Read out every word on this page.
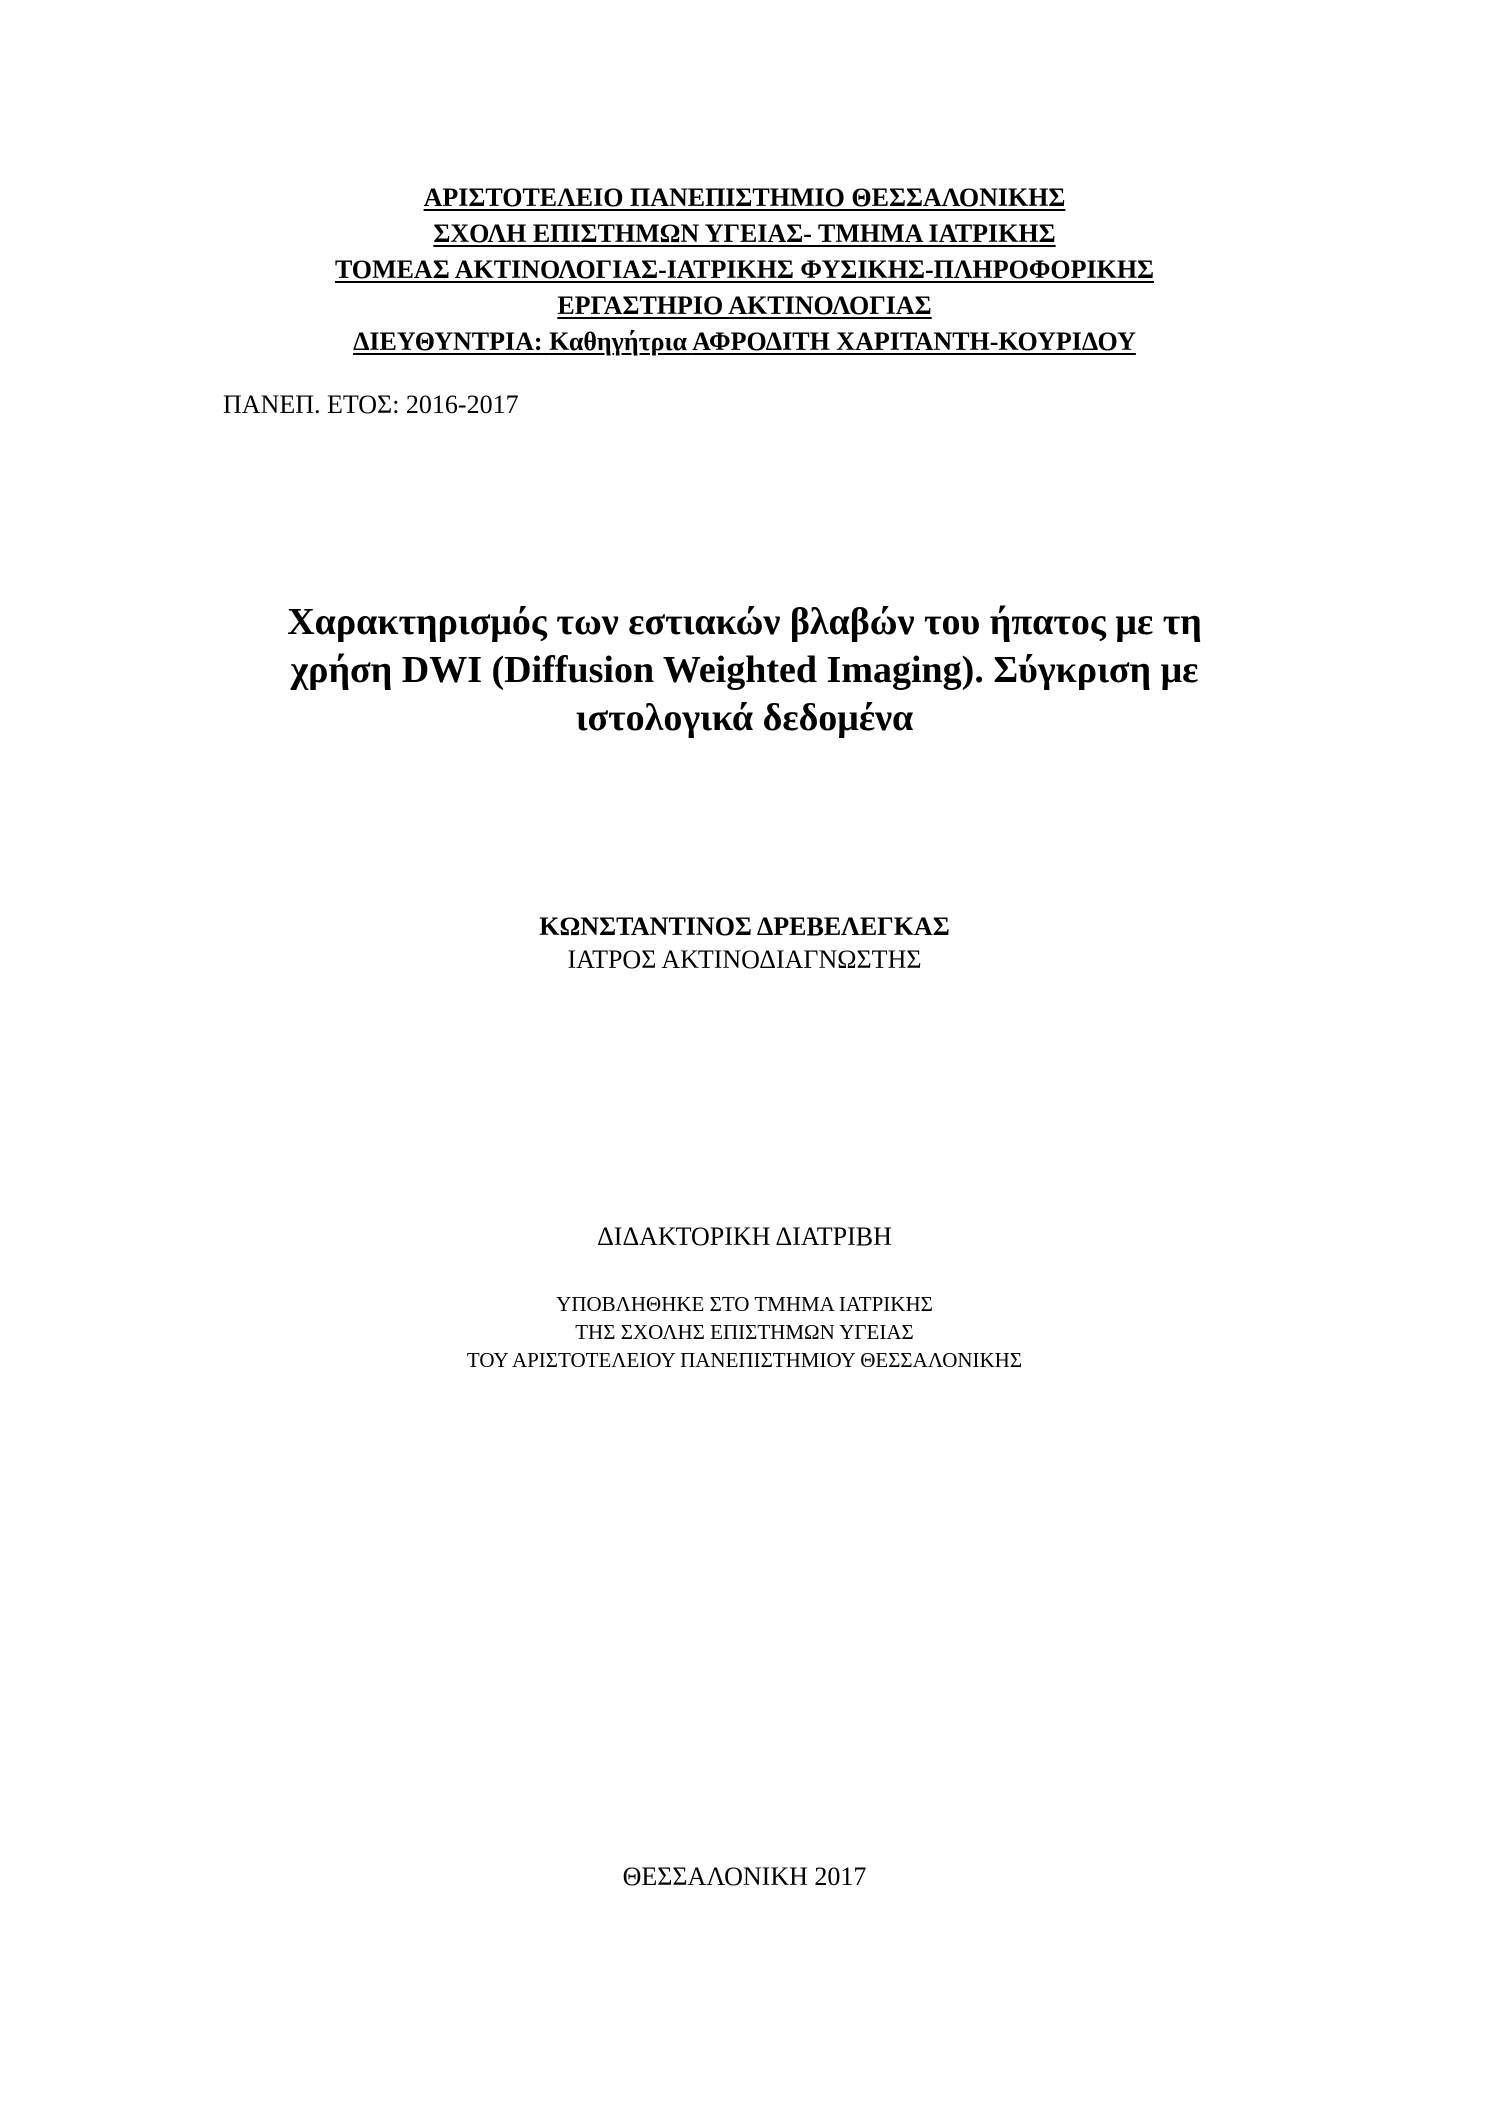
ΑΡΙΣΤΟΤΕΛΕΙΟ ΠΑΝΕΠΙΣΤΗΜΙΟ ΘΕΣΣΑΛΟΝΙΚΗΣ
ΣΧΟΛΗ ΕΠΙΣΤΗΜΩΝ ΥΓΕΙΑΣ- ΤΜΗΜΑ ΙΑΤΡΙΚΗΣ
ΤΟΜΕΑΣ ΑΚΤΙΝΟΛΟΓΙΑΣ-ΙΑΤΡΙΚΗΣ ΦΥΣΙΚΗΣ-ΠΛΗΡΟΦΟΡΙΚΗΣ
ΕΡΓΑΣΤΗΡΙΟ ΑΚΤΙΝΟΛΟΓΙΑΣ
ΔΙΕΥΘΥΝΤΡΙΑ: Καθηγήτρια ΑΦΡΟΔΙΤΗ ΧΑΡΙΤΑΝΤΗ-ΚΟΥΡΙΔΟΥ
ΠΑΝΕΠ. ΕΤΟΣ: 2016-2017
Χαρακτηρισμός των εστιακών βλαβών του ήπατος με τη
χρήση DWI (Diffusion Weighted Imaging). Σύγκριση με
ιστολογικά δεδομένα
ΚΩΝΣΤΑΝΤΙΝΟΣ ΔΡΕΒΕΛΕΓΚΑΣ
ΙΑΤΡΟΣ ΑΚΤΙΝΟΔΙΑΓΝΩΣΤΗΣ
ΔΙΔΑΚΤΟΡΙΚΗ ΔΙΑΤΡΙΒΗ
ΥΠΟΒΛΗΘΗΚΕ ΣΤΟ ΤΜΗΜΑ ΙΑΤΡΙΚΗΣ
ΤΗΣ ΣΧΟΛΗΣ ΕΠΙΣΤΗΜΩΝ ΥΓΕΙΑΣ
ΤΟΥ ΑΡΙΣΤΟΤΕΛΕΙΟΥ ΠΑΝΕΠΙΣΤΗΜΙΟΥ ΘΕΣΣΑΛΟΝΙΚΗΣ
ΘΕΣΣΑΛΟΝΙΚΗ 2017
